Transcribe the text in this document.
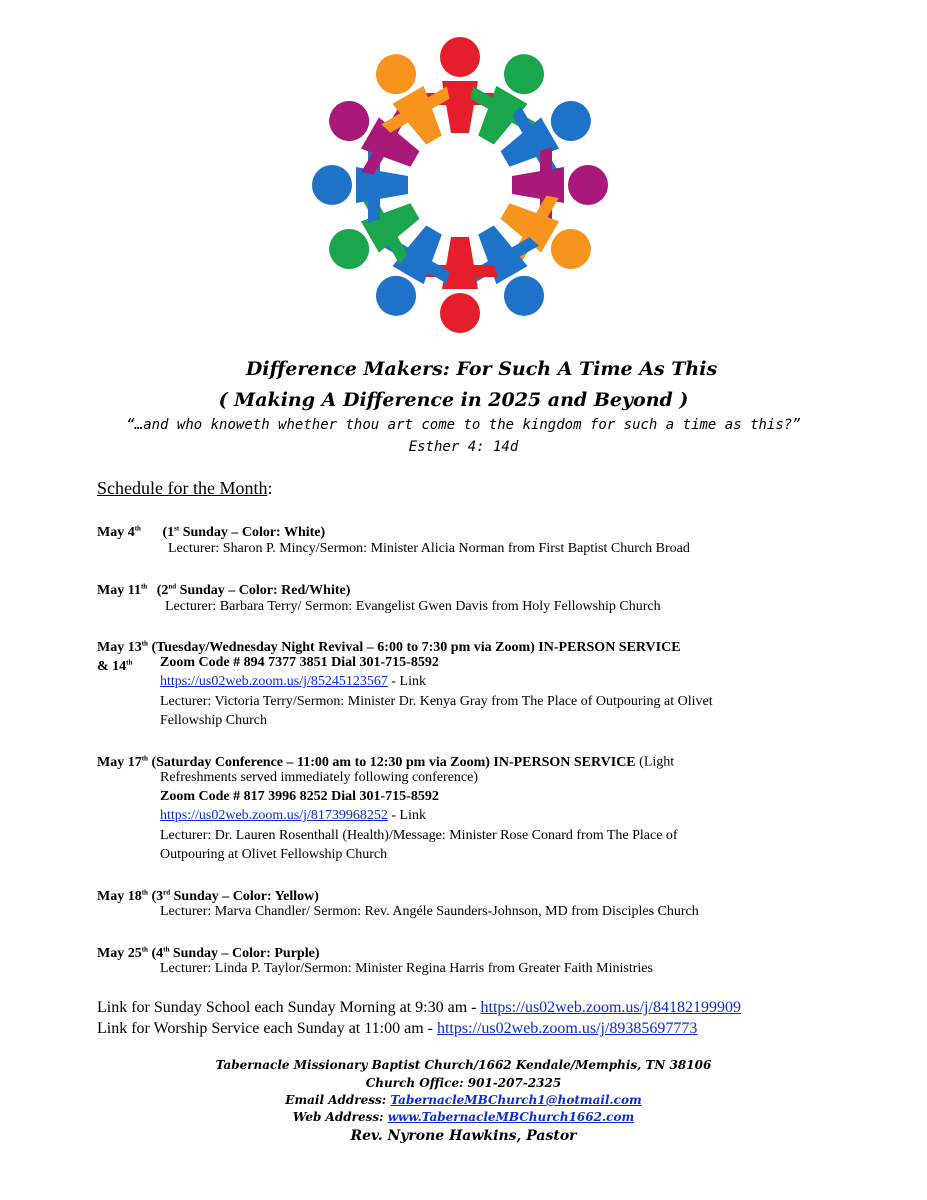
Difference Makers: For Such A Time As This
( Making A Difference in 2025 and Beyond )
“…and who knoweth whether thou art come to the kingdom for such a time as this?”
Esther 4: 14d
Schedule for the Month:
May 4th (1st Sunday – Color: White)
Lecturer: Sharon P. Mincy/Sermon: Minister Alicia Norman from First Baptist Church Broad
May 11th (2nd Sunday – Color: Red/White)
Lecturer: Barbara Terry/ Sermon: Evangelist Gwen Davis from Holy Fellowship Church
May 13th (Tuesday/Wednesday Night Revival – 6:00 to 7:30 pm via Zoom) IN-PERSON SERVICE
& 14th Zoom Code # 894 7377 3851 Dial 301-715-8592
https://us02web.zoom.us/j/85245123567 - Link
Lecturer: Victoria Terry/Sermon: Minister Dr. Kenya Gray from The Place of Outpouring at Olivet
Fellowship Church
May 17th (Saturday Conference – 11:00 am to 12:30 pm via Zoom) IN-PERSON SERVICE (Light
Refreshments served immediately following conference)
Zoom Code # 817 3996 8252 Dial 301-715-8592
https://us02web.zoom.us/j/81739968252 - Link
Lecturer: Dr. Lauren Rosenthall (Health)/Message: Minister Rose Conard from The Place of
Outpouring at Olivet Fellowship Church
May 18th (3rd Sunday – Color: Yellow)
Lecturer: Marva Chandler/ Sermon: Rev. Angéle Saunders-Johnson, MD from Disciples Church
May 25th (4th Sunday – Color: Purple)
Lecturer: Linda P. Taylor/Sermon: Minister Regina Harris from Greater Faith Ministries
Link for Sunday School each Sunday Morning at 9:30 am - https://us02web.zoom.us/j/84182199909
Link for Worship Service each Sunday at 11:00 am - https://us02web.zoom.us/j/89385697773
Tabernacle Missionary Baptist Church/1662 Kendale/Memphis, TN 38106
Church Office: 901-207-2325
Email Address: TabernacleMBChurch1@hotmail.com
Web Address: www.TabernacleMBChurch1662.com
Rev. Nyrone Hawkins, Pastor
